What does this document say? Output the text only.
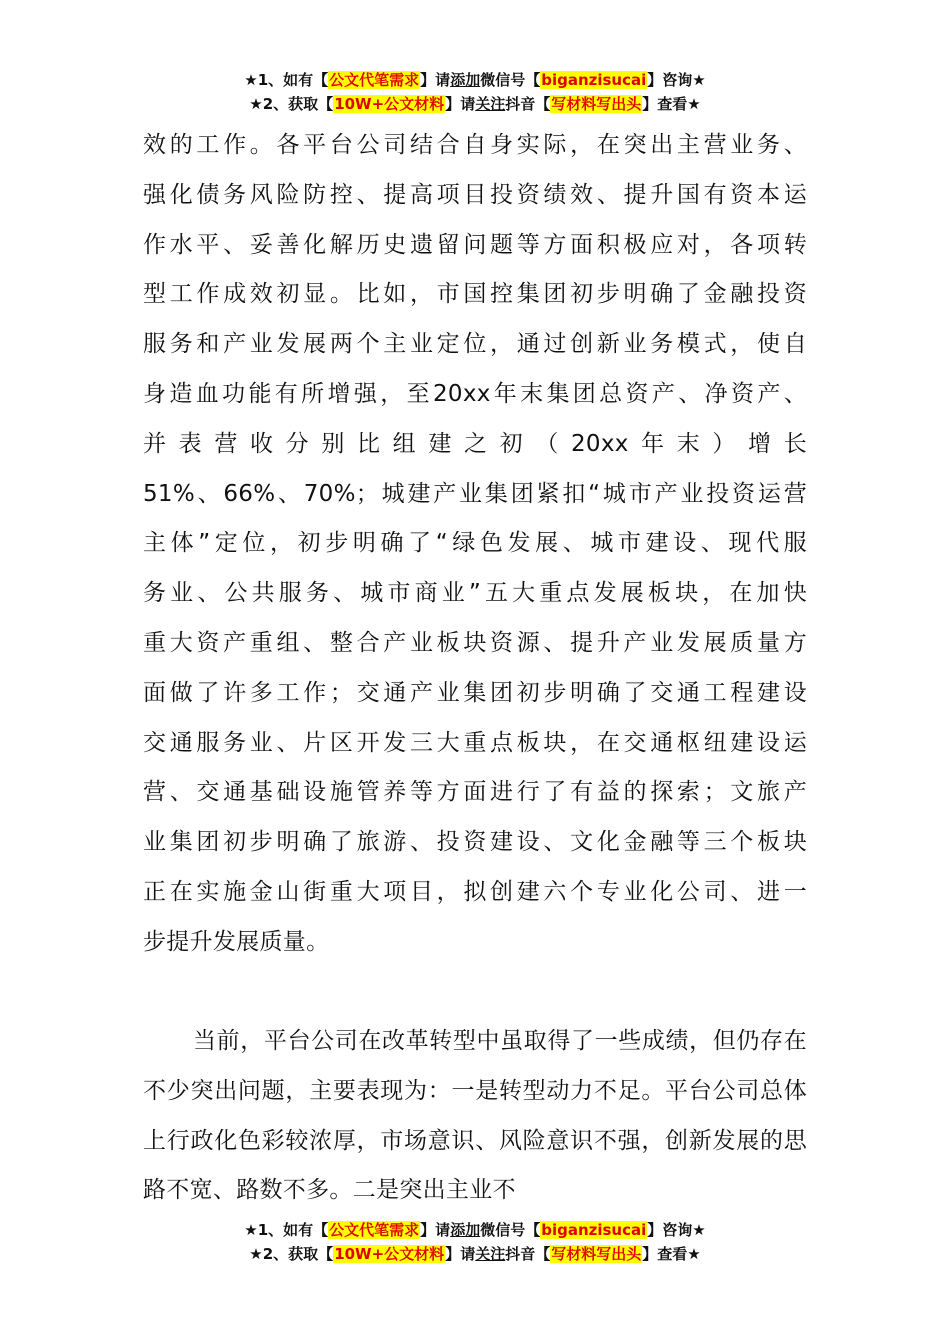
★1、如有【公文代笔需求】请添加微信号【biganzisucai】咨询★
★2、获取【10W+公文材料】请关注抖音【写材料写出头】查看★

效的工作。各平台公司结合自身实际，在突出主营业务、

强化债务风险防控、提高项目投资绩效、提升国有资本运

作水平、妥善化解历史遗留问题等方面积极应对，各项转

型工作成效初显。比如，市国控集团初步明确了金融投资

服务和产业发展两个主业定位，通过创新业务模式，使自

身造血功能有所增强，至20xx年末集团总资产、净资产、

并表营收分别比组建之初（20xx年末）增长

51%、66%、70%；城建产业集团紧扣“城市产业投资运营

主体”定位，初步明确了“绿色发展、城市建设、现代服

务业、公共服务、城市商业”五大重点发展板块，在加快

重大资产重组、整合产业板块资源、提升产业发展质量方

面做了许多工作；交通产业集团初步明确了交通工程建设

交通服务业、片区开发三大重点板块，在交通枢纽建设运

营、交通基础设施管养等方面进行了有益的探索；文旅产

业集团初步明确了旅游、投资建设、文化金融等三个板块

正在实施金山街重大项目，拟创建六个专业化公司、进一

步提升发展质量。

当前，平台公司在改革转型中虽取得了一些成绩，但仍存在不少突出问题，主要表现为：一是转型动力不足。平台公司总体上行政化色彩较浓厚，市场意识、风险意识不强，创新发展的思路不宽、路数不多。二是突出主业不

★1、如有【公文代笔需求】请添加微信号【biganzisucai】咨询★
★2、获取【10W+公文材料】请关注抖音【写材料写出头】查看★
